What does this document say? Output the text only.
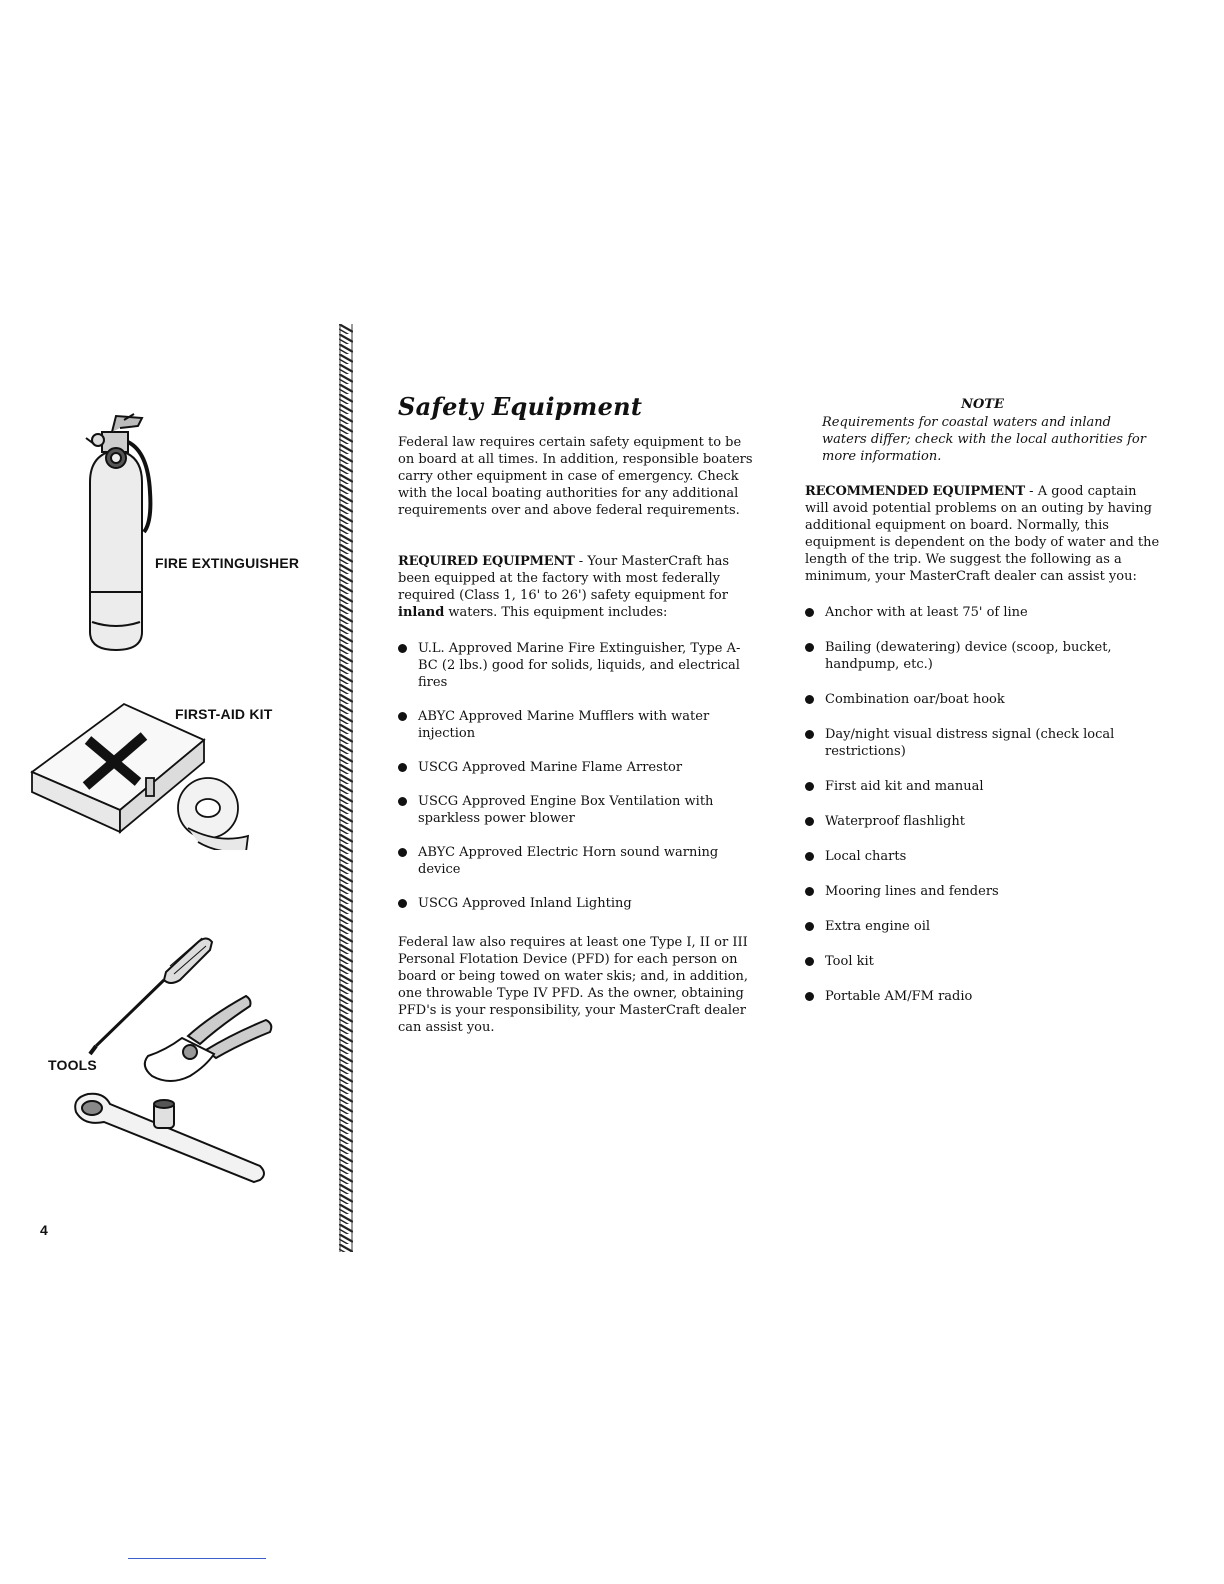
FIRE EXTINGUISHER
FIRST-AID KIT
TOOLS
4
Safety Equipment
Federal law requires certain safety equipment to be on board at all times. In addition, responsible boaters carry other equipment in case of emergency. Check with the local boating authorities for any additional requirements over and above federal requirements.
REQUIRED EQUIPMENT - Your MasterCraft has been equipped at the factory with most federally required (Class 1, 16' to 26') safety equipment for inland waters. This equipment includes:
U.L. Approved Marine Fire Extinguisher, Type A-BC (2 lbs.) good for solids, liquids, and electrical fires
ABYC Approved Marine Mufflers with water injection
USCG Approved Marine Flame Arrestor
USCG Approved Engine Box Ventilation with sparkless power blower
ABYC Approved Electric Horn sound warning device
USCG Approved Inland Lighting
Federal law also requires at least one Type I, II or III Personal Flotation Device (PFD) for each person on board or being towed on water skis; and, in addition, one throwable Type IV PFD. As the owner, obtaining PFD's is your responsibility, your MasterCraft dealer can assist you.
NOTE
Requirements for coastal waters and inland waters differ; check with the local authorities for more information.
RECOMMENDED EQUIPMENT - A good captain will avoid potential problems on an outing by having additional equipment on board. Normally, this equipment is dependent on the body of water and the length of the trip. We suggest the following as a minimum, your MasterCraft dealer can assist you:
Anchor with at least 75' of line
Bailing (dewatering) device (scoop, bucket, handpump, etc.)
Combination oar/boat hook
Day/night visual distress signal (check local restrictions)
First aid kit and manual
Waterproof flashlight
Local charts
Mooring lines and fenders
Extra engine oil
Tool kit
Portable AM/FM radio
